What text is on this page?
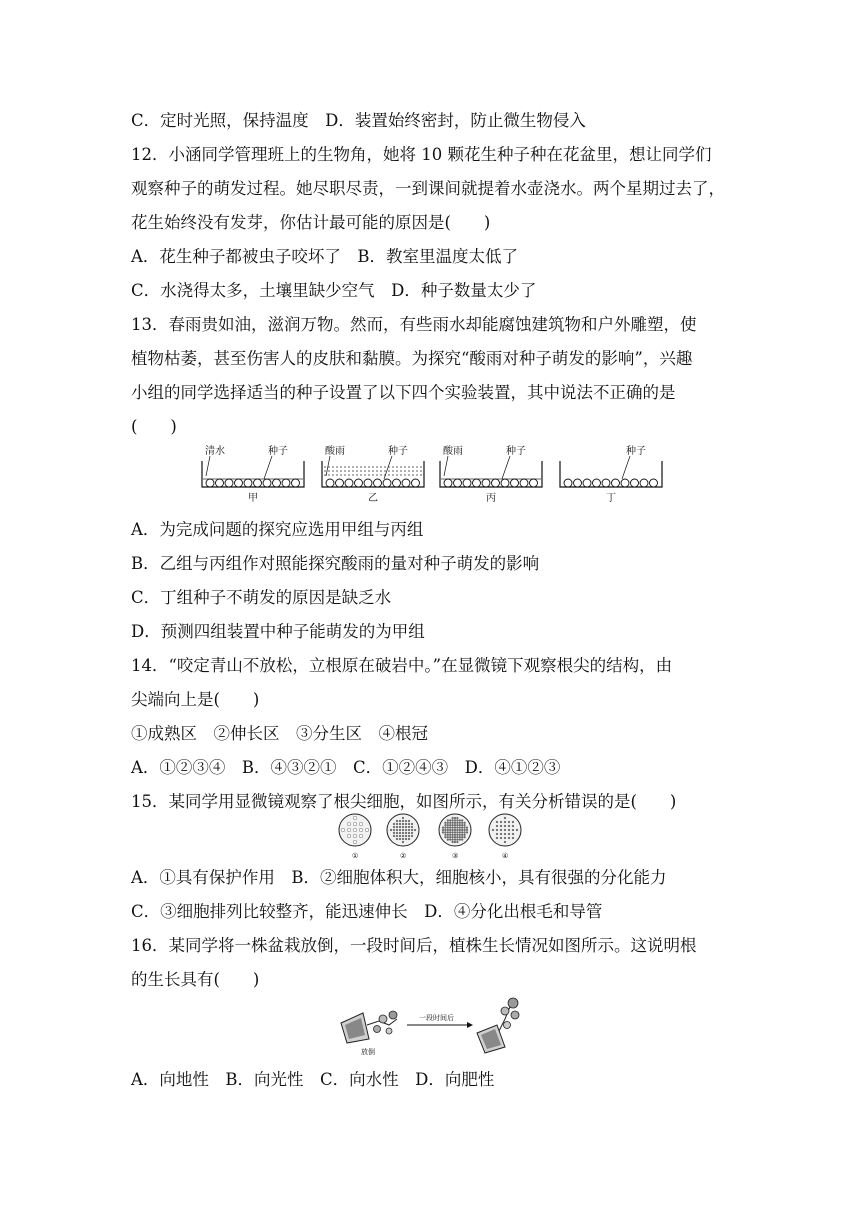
C．定时光照，保持温度　D．装置始终密封，防止微生物侵入
12．小涵同学管理班上的生物角，她将 10 颗花生种子种在花盆里，想让同学们
观察种子的萌发过程。她尽职尽责，一到课间就提着水壶浇水。两个星期过去了，
花生始终没有发芽，你估计最可能的原因是(　　)
A．花生种子都被虫子咬坏了　B．教室里温度太低了
C．水浇得太多，土壤里缺少空气　D．种子数量太少了
13．春雨贵如油，滋润万物。然而，有些雨水却能腐蚀建筑物和户外雕塑，使
植物枯萎，甚至伤害人的皮肤和黏膜。为探究“酸雨对种子萌发的影响”，兴趣
小组的同学选择适当的种子设置了以下四个实验装置，其中说法不正确的是
(　　)
清水	种子
甲
酸雨	种子
乙
酸雨	种子
丙
种子
丁
A．为完成问题的探究应选用甲组与丙组
B．乙组与丙组作对照能探究酸雨的量对种子萌发的影响
C．丁组种子不萌发的原因是缺乏水
D．预测四组装置中种子能萌发的为甲组
14．“咬定青山不放松，立根原在破岩中。”在显微镜下观察根尖的结构，由
尖端向上是(　　)
①成熟区　②伸长区　③分生区　④根冠
A．①②③④　B．④③②①　C．①②④③　D．④①②③
15．某同学用显微镜观察了根尖细胞，如图所示，有关分析错误的是(　　)
①	②	③	④
A．①具有保护作用　B．②细胞体积大，细胞核小，具有很强的分化能力
C．③细胞排列比较整齐，能迅速伸长　D．④分化出根毛和导管
16．某同学将一株盆栽放倒，一段时间后，植株生长情况如图所示。这说明根
的生长具有(　　)
放倒
一段时间后
A．向地性　B．向光性　C．向水性　D．向肥性
